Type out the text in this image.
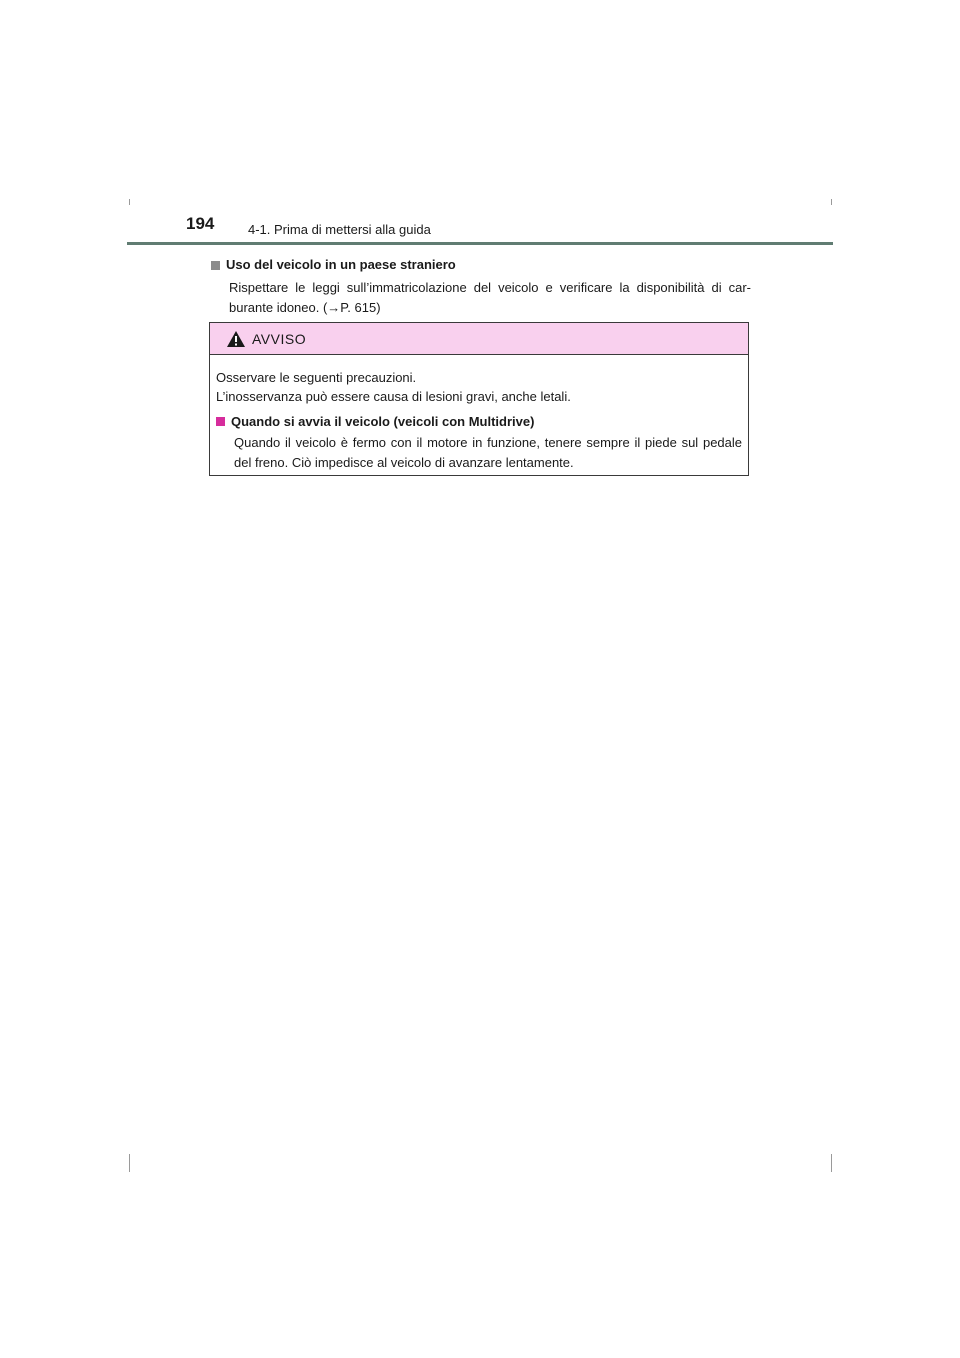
194	4-1. Prima di mettersi alla guida
Uso del veicolo in un paese straniero
Rispettare le leggi sull’immatricolazione del veicolo e verificare la disponibilità di car-burante idoneo. (→P. 615)
AVVISO

Osservare le seguenti precauzioni.

L’inosservanza può essere causa di lesioni gravi, anche letali.

Quando si avvia il veicolo (veicoli con Multidrive)

Quando il veicolo è fermo con il motore in funzione, tenere sempre il piede sul pedale del freno. Ciò impedisce al veicolo di avanzare lentamente.
